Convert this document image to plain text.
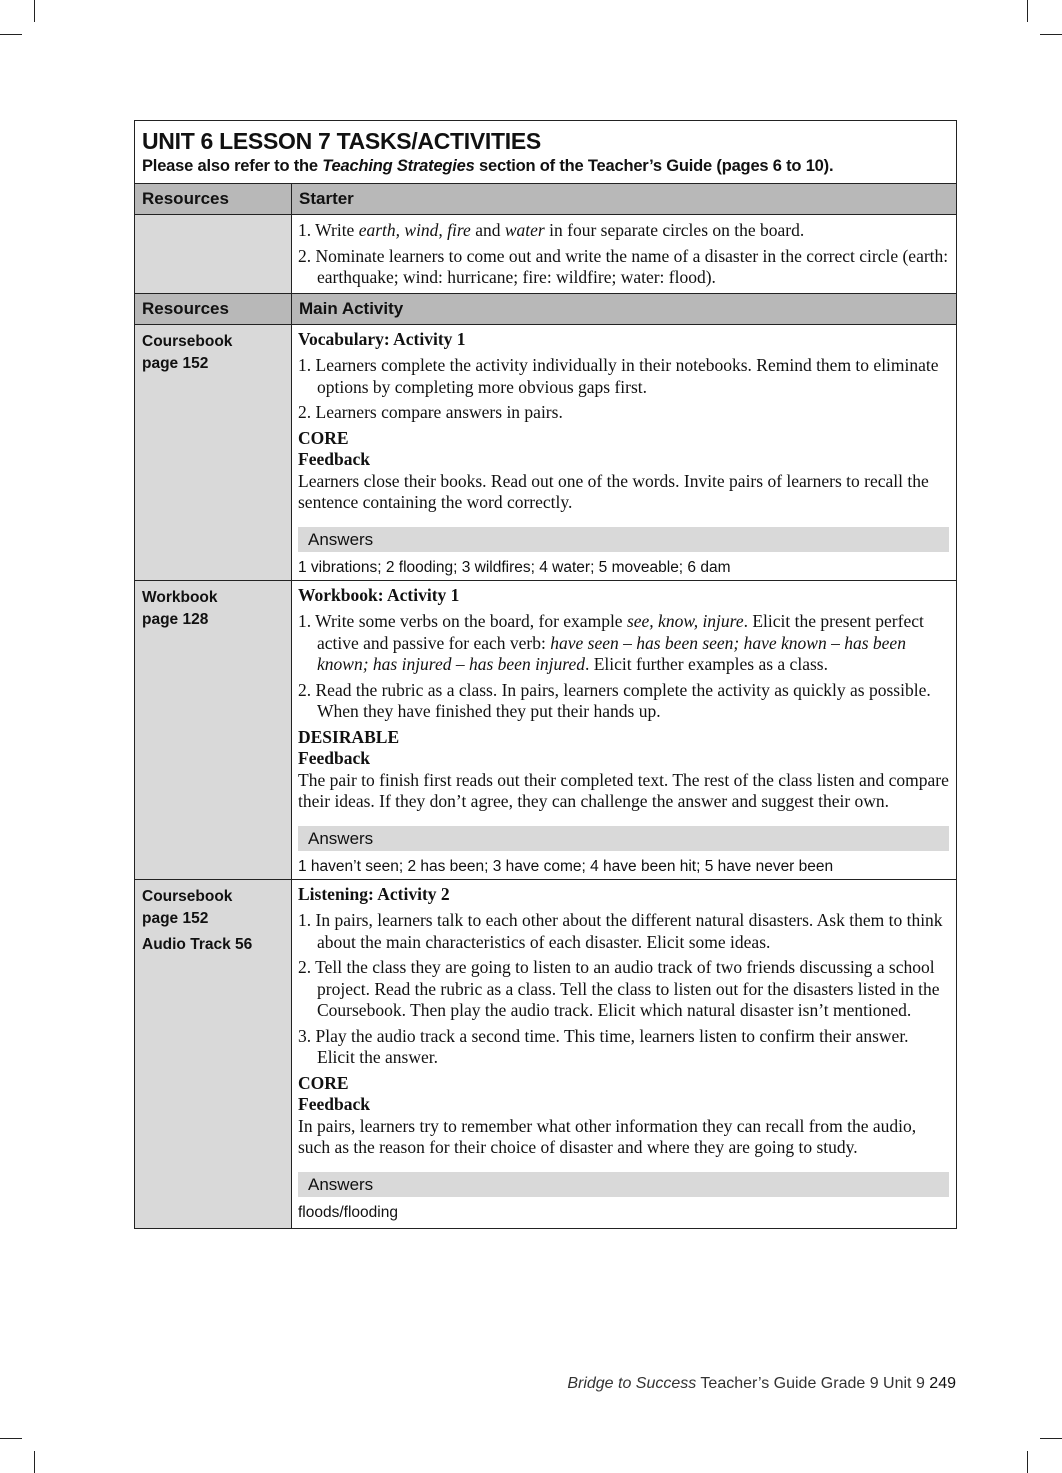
UNIT 6 LESSON 7 TASKS/ACTIVITIES
Please also refer to the Teaching Strategies section of the Teacher’s Guide (pages 6 to 10).
Resources	Starter

1. Write earth, wind, fire and water in four separate circles on the board.

2. Nominate learners to come out and write the name of a disaster in the correct circle (earth: earthquake; wind: hurricane; fire: wildfire; water: flood).

Resources	Main Activity
Coursebook
page 152
Vocabulary: Activity 1

1. Learners complete the activity individually in their notebooks. Remind them to eliminate options by completing more obvious gaps first.

2. Learners compare answers in pairs.

CORE
Feedback
Learners close their books. Read out one of the words. Invite pairs of learners to recall the sentence containing the word correctly.
Answers
1 vibrations; 2 flooding; 3 wildfires; 4 water; 5 moveable; 6 dam
Workbook
page 128
Workbook: Activity 1

1. Write some verbs on the board, for example see, know, injure. Elicit the present perfect active and passive for each verb: have seen – has been seen; have known – has been known; has injured – has been injured. Elicit further examples as a class.

2. Read the rubric as a class. In pairs, learners complete the activity as quickly as possible. When they have finished they put their hands up.

DESIRABLE
Feedback
The pair to finish first reads out their completed text. The rest of the class listen and compare their ideas. If they don’t agree, they can challenge the answer and suggest their own.
Answers
1 haven’t seen; 2 has been; 3 have come; 4 have been hit; 5 have never been
Coursebook
page 152
Audio Track 56
Listening: Activity 2

1. In pairs, learners talk to each other about the different natural disasters. Ask them to think about the main characteristics of each disaster. Elicit some ideas.

2. Tell the class they are going to listen to an audio track of two friends discussing a school project. Read the rubric as a class. Tell the class to listen out for the disasters listed in the Coursebook. Then play the audio track. Elicit which natural disaster isn’t mentioned.

3. Play the audio track a second time. This time, learners listen to confirm their answer. Elicit the answer.

CORE
Feedback
In pairs, learners try to remember what other information they can recall from the audio, such as the reason for their choice of disaster and where they are going to study.
Answers
floods/flooding
Bridge to Success Teacher’s Guide Grade 9 Unit 9 249
